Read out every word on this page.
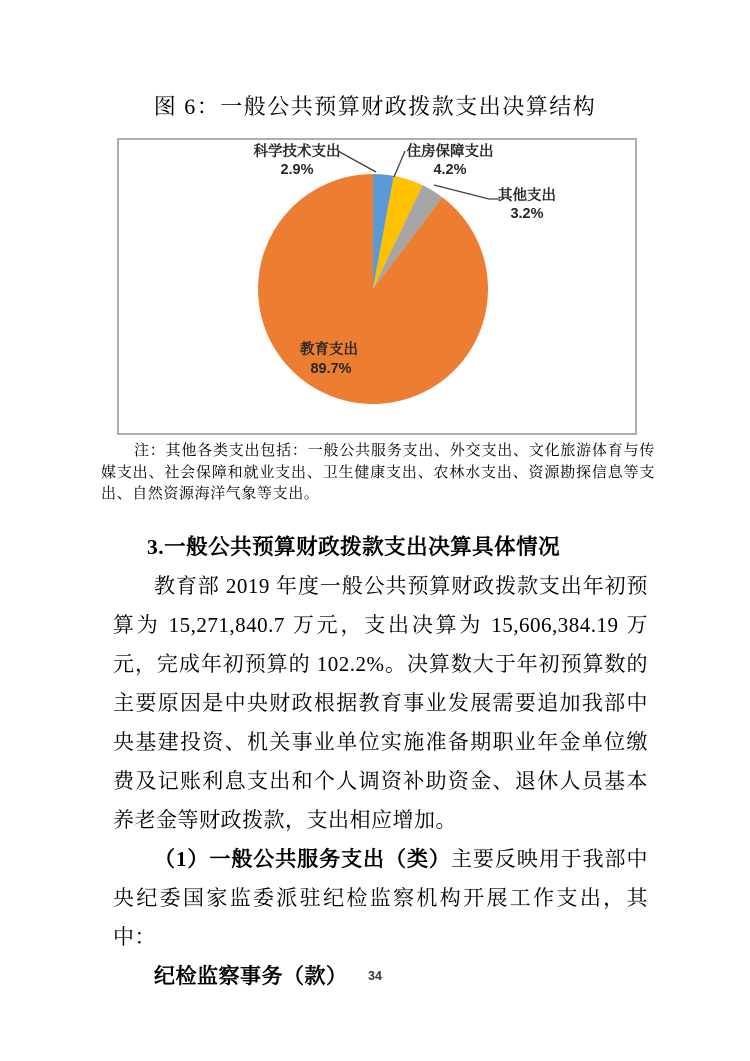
图 6：一般公共预算财政拨款支出决算结构
科学技术支出
2.9%
住房保障支出
4.2%
其他支出
3.2%
教育支出
89.7%
注：其他各类支出包括：一般公共服务支出、外交支出、文化旅游体育与传媒支出、社会保障和就业支出、卫生健康支出、农林水支出、资源勘探信息等支出、自然资源海洋气象等支出。
3.一般公共预算财政拨款支出决算具体情况

教育部 2019 年度一般公共预算财政拨款支出年初预算为 15,271,840.7 万元，支出决算为 15,606,384.19 万元，完成年初预算的 102.2%。决算数大于年初预算数的主要原因是中央财政根据教育事业发展需要追加我部中央基建投资、机关事业单位实施准备期职业年金单位缴费及记账利息支出和个人调资补助资金、退休人员基本养老金等财政拨款，支出相应增加。

（1）一般公共服务支出（类）主要反映用于我部中央纪委国家监委派驻纪检监察机构开展工作支出，其中：

纪检监察事务（款）	34
